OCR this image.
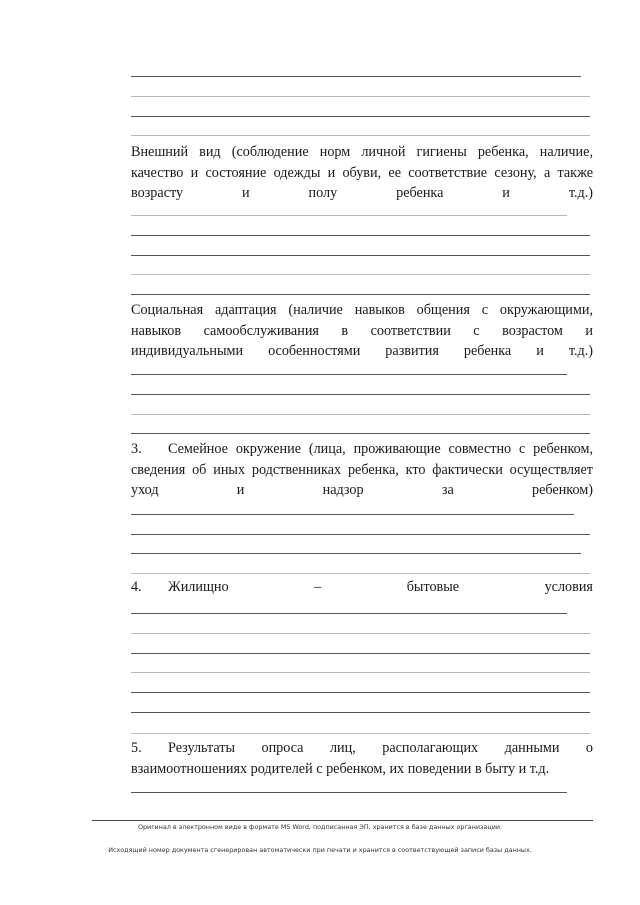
Внешний вид (соблюдение норм личной гигиены ребенка, наличие, качество и состояние одежды и обуви, ее соответствие сезону, а также возрасту и полу ребенка и т.д.)
Социальная адаптация (наличие навыков общения с окружающими, навыков самообслуживания в соответствии с возрастом и индивидуальными особенностями развития ребенка и т.д.)
3. Семейное окружение (лица, проживающие совместно с ребенком, сведения об иных родственниках ребенка, кто фактически осуществляет уход и надзор за ребенком)
4. Жилищно	–	бытовые	условия
5. Результаты опроса лиц, располагающих данными о взаимоотношениях родителей с ребенком, их поведении в быту и т.д.
Оригинал в электронном виде в формате MS Word, подписанная ЭП, хранится в базе данных организации.
Исходящий номер документа сгенерирован автоматически при печати и хранится в соответствующей записи базы данных.
